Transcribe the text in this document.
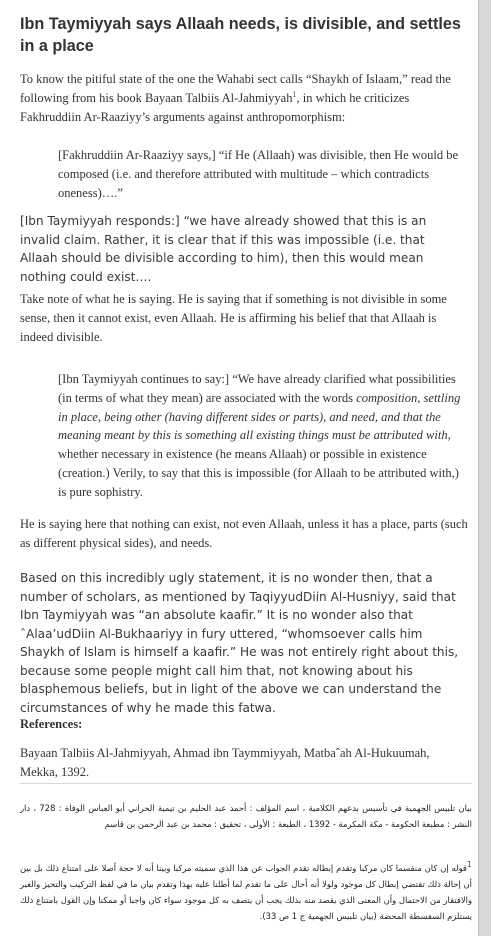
Ibn Taymiyyah says Allaah needs, is divisible, and settles in a place

To know the pitiful state of the one the Wahabi sect calls “Shaykh of Islaam,” read the following from his book Bayaan Talbiis Al-Jahmiyyah$^1$, in which he criticizes Fakhruddiin Ar-Raaziyy’s arguments against anthropomorphism:

[Fakhruddiin Ar-Raaziyy says,] “if He (Allaah) was divisible, then He would be composed (i.e. and therefore attributed with multitude – which contradicts oneness)….”

[Ibn Taymiyyah responds:] “we have already showed that this is an invalid claim. Rather, it is clear that if this was impossible (i.e. that Allaah should be divisible according to him), then this would mean nothing could exist….

Take note of what he is saying. He is saying that if something is not divisible in some sense, then it cannot exist, even Allaah. He is affirming his belief that that Allaah is indeed divisible.

[Ibn Taymiyyah continues to say:] “We have already clarified what possibilities (in terms of what they mean) are associated with the words composition, settling in place, being other (having different sides or parts), and need, and that the meaning meant by this is something all existing things must be attributed with, whether necessary in existence (he means Allaah) or possible in existence (creation.) Verily, to say that this is impossible (for Allaah to be attributed with,) is pure sophistry.

He is saying here that nothing can exist, not even Allaah, unless it has a place, parts (such as different physical sides), and needs.

Based on this incredibly ugly statement, it is no wonder then, that a number of scholars, as mentioned by TaqiyyudDiin Al-Husniyy, said that Ibn Taymiyyah was “an absolute kaafir.” It is no wonder also that ˆAlaa’udDiin Al-Bukhaariyy in fury uttered, “whomsoever calls him Shaykh of Islam is himself a kaafir.” He was not entirely right about this, because some people might call him that, not knowing about his blasphemous beliefs, but in light of the above we can understand the circumstances of why he made this fatwa.

References:

Bayaan Talbiis Al-Jahmiyyah, Ahmad ibn Taymmiyyah, Matbaˆah Al-Hukuumah, Mekka, 1392.

بيان تلبيس الجهمية في تأسيس بدعهم الكلامية ، اسم المؤلف : أحمد عبد الحليم بن تيمية الحراني أبو العباس الوفاة : 728 ، دار النشر : مطبعة الحكومة - مكة المكرمة - 1392 ، الطبعة : الأولى ، تحقيق : محمد بن عبد الرحمن بن قاسم

$^1$قوله إن كان منقسما كان مركبا وتقدم إبطاله تقدم الجواب عن هذا الذي سميته مركبا وبينا أنه لا حجة أصلا على امتناع ذلك بل بين أن إحالة ذلك تقتضي إبطال كل موجود ولولا أنه أحال على ما تقدم لما أطلنا عليه بهذا وتقدم بيان ما في لفظ التركيب والتحيز والغير والافتقار من الاحتمال وأن المعنى الذي يقصد منه بذلك يجب أن يتصف به كل موجود سواء كان واجبا أو ممكنا وإن القول بامتناع ذلك يستلزم السفسطة المحضة (بيان تلبيس الجهمية ج 1 ص 33).
